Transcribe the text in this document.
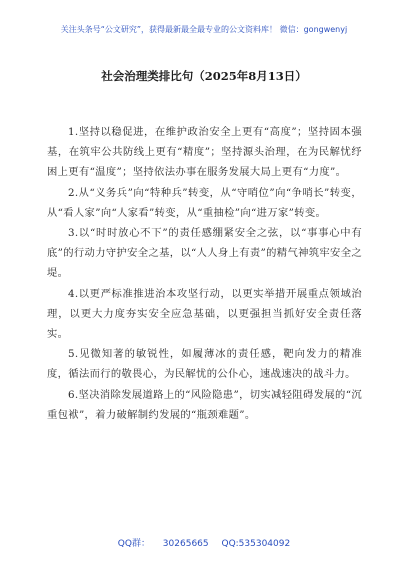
关注头条号“公文研究”，获得最新最全最专业的公文资料库！ 微信：gongwenyj
社会治理类排比句（2025年8月13日）

1.坚持以稳促进，在维护政治安全上更有“高度”；坚持固本强基，在筑牢公共防线上更有“精度”；坚持源头治理，在为民解忧纾困上更有“温度”；坚持依法办事在服务发展大局上更有“力度”。

2.从“义务兵”向“特种兵”转变，从“守哨位”向“争哨长”转变，从“看人家”向“人家看”转变，从“重抽检”向“进万家”转变。

3.以“时时放心不下”的责任感绷紧安全之弦，以“事事心中有底”的行动力守护安全之基，以“人人身上有责”的精气神筑牢安全之堤。

4.以更严标准推进治本攻坚行动，以更实举措开展重点领域治理，以更大力度夯实安全应急基础，以更强担当抓好安全责任落实。

5.见微知著的敏锐性，如履薄冰的责任感，靶向发力的精准度，循法而行的敬畏心，为民解忧的公仆心，速战速决的战斗力。

6.坚决消除发展道路上的“风险隐患”，切实减轻阻碍发展的“沉重包袱”，着力破解制约发展的“瓶颈难题”。

QQ群： 30265665 QQ:535304092
